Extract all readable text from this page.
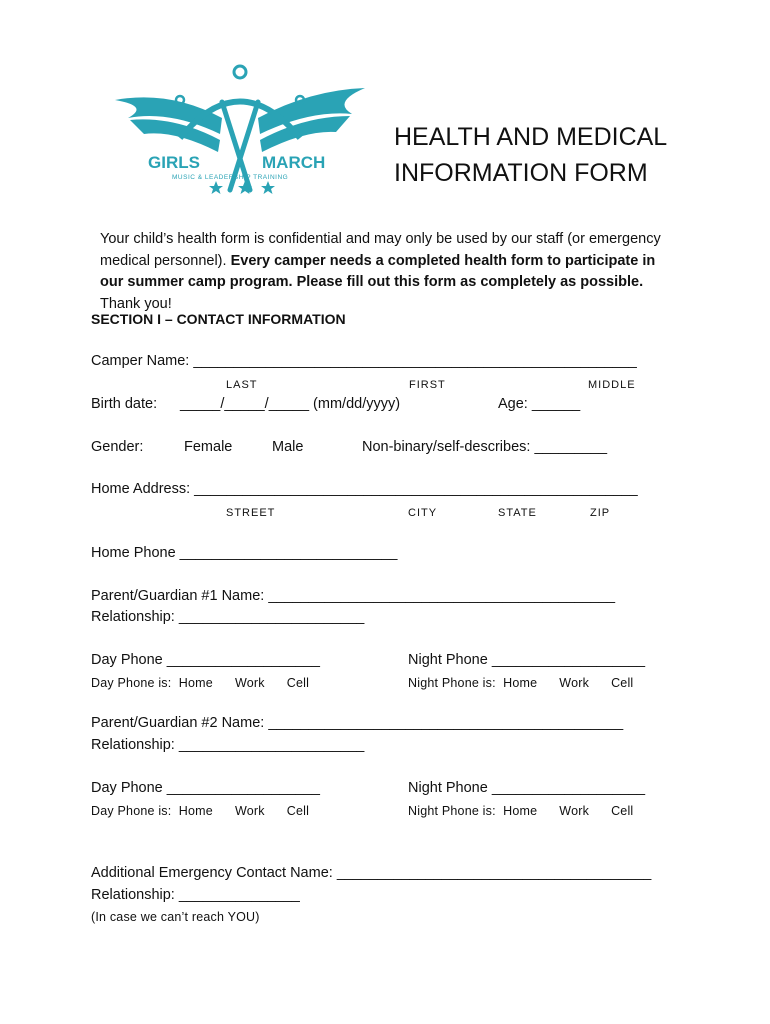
GIRLS	MARCH
MUSIC & LEADERSHIP TRAINING
HEALTH AND MEDICAL
INFORMATION FORM
Your child’s health form is confidential and may only be used by our staff (or emergency medical personnel). Every camper needs a completed health form to participate in our summer camp program. Please fill out this form as completely as possible. Thank you!
SECTION I – CONTACT INFORMATION
Camper Name: _______________________________________________________
LAST	FIRST	MIDDLE
Birth date: _____/_____/_____ (mm/dd/yyyy)	Age: ______
Gender:	Female	Male	Non-binary/self-describes: _________
Home Address: _______________________________________________________
STREET	CITY	STATE	ZIP
Home Phone ___________________________
Parent/Guardian #1 Name: ___________________________________________
Relationship: _______________________
Day Phone ___________________	Night Phone ___________________
Day Phone is:  Home      Work      Cell	Night Phone is:  Home      Work      Cell
Parent/Guardian #2 Name: ____________________________________________
Relationship: _______________________
Day Phone ___________________	Night Phone ___________________
Day Phone is:  Home      Work      Cell	Night Phone is:  Home      Work      Cell
Additional Emergency Contact Name: _______________________________________
Relationship: _______________
(In case we can’t reach YOU)
